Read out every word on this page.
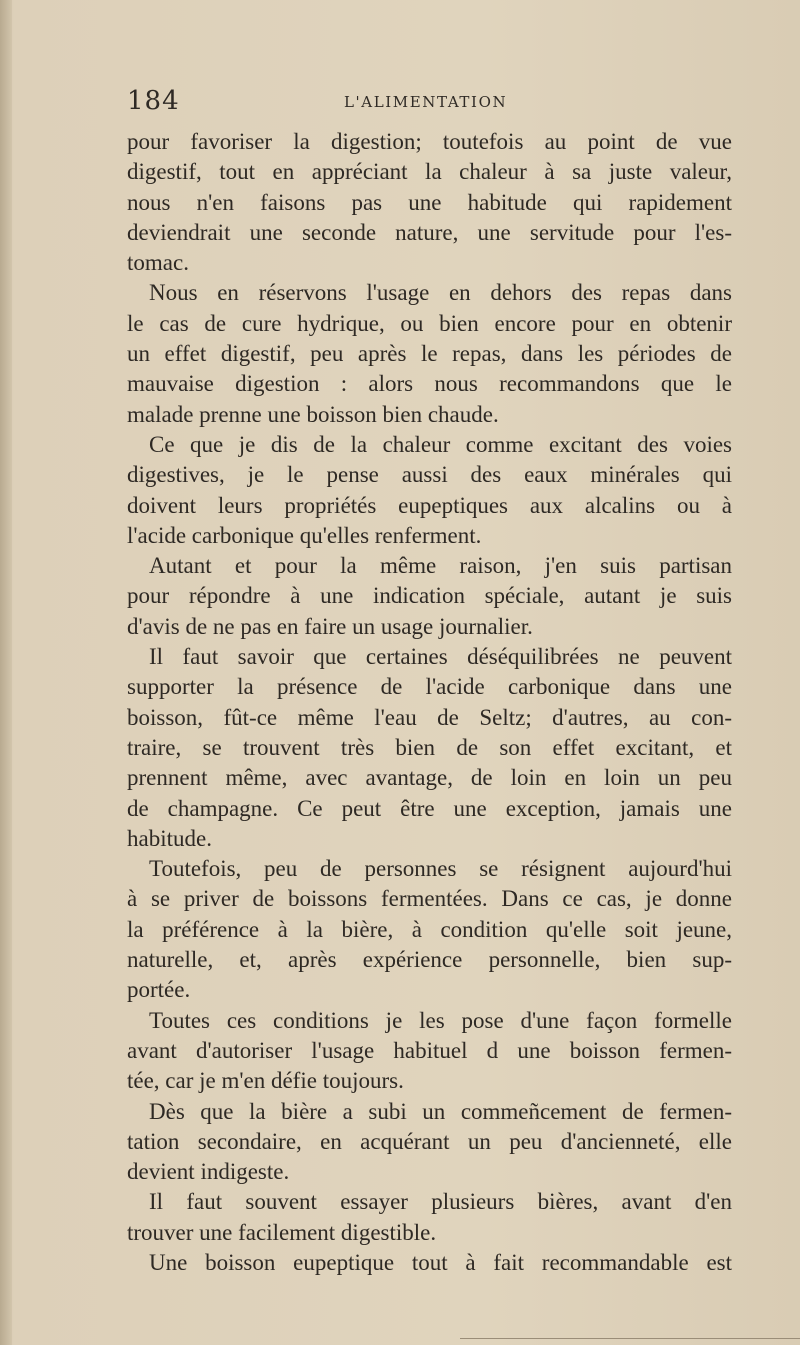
184	L'ALIMENTATION
pour favoriser la digestion; toutefois au point de vue
digestif, tout en appréciant la chaleur à sa juste valeur,
nous n'en faisons pas une habitude qui rapidement
deviendrait une seconde nature, une servitude pour l'es-
tomac.
Nous en réservons l'usage en dehors des repas dans
le cas de cure hydrique, ou bien encore pour en obtenir
un effet digestif, peu après le repas, dans les périodes de
mauvaise digestion : alors nous recommandons que le
malade prenne une boisson bien chaude.
Ce que je dis de la chaleur comme excitant des voies
digestives, je le pense aussi des eaux minérales qui
doivent leurs propriétés eupeptiques aux alcalins ou à
l'acide carbonique qu'elles renferment.
Autant et pour la même raison, j'en suis partisan
pour répondre à une indication spéciale, autant je suis
d'avis de ne pas en faire un usage journalier.
Il faut savoir que certaines déséquilibrées ne peuvent
supporter la présence de l'acide carbonique dans une
boisson, fût-ce même l'eau de Seltz; d'autres, au con-
traire, se trouvent très bien de son effet excitant, et
prennent même, avec avantage, de loin en loin un peu
de champagne. Ce peut être une exception, jamais une
habitude.
Toutefois, peu de personnes se résignent aujourd'hui
à se priver de boissons fermentées. Dans ce cas, je donne
la préférence à la bière, à condition qu'elle soit jeune,
naturelle, et, après expérience personnelle, bien sup-
portée.
Toutes ces conditions je les pose d'une façon formelle
avant d'autoriser l'usage habituel d une boisson fermen-
tée, car je m'en défie toujours.
Dès que la bière a subi un commeñcement de fermen-
tation secondaire, en acquérant un peu d'ancienneté, elle
devient indigeste.
Il faut souvent essayer plusieurs bières, avant d'en
trouver une facilement digestible.
Une boisson eupeptique tout à fait recommandable est
